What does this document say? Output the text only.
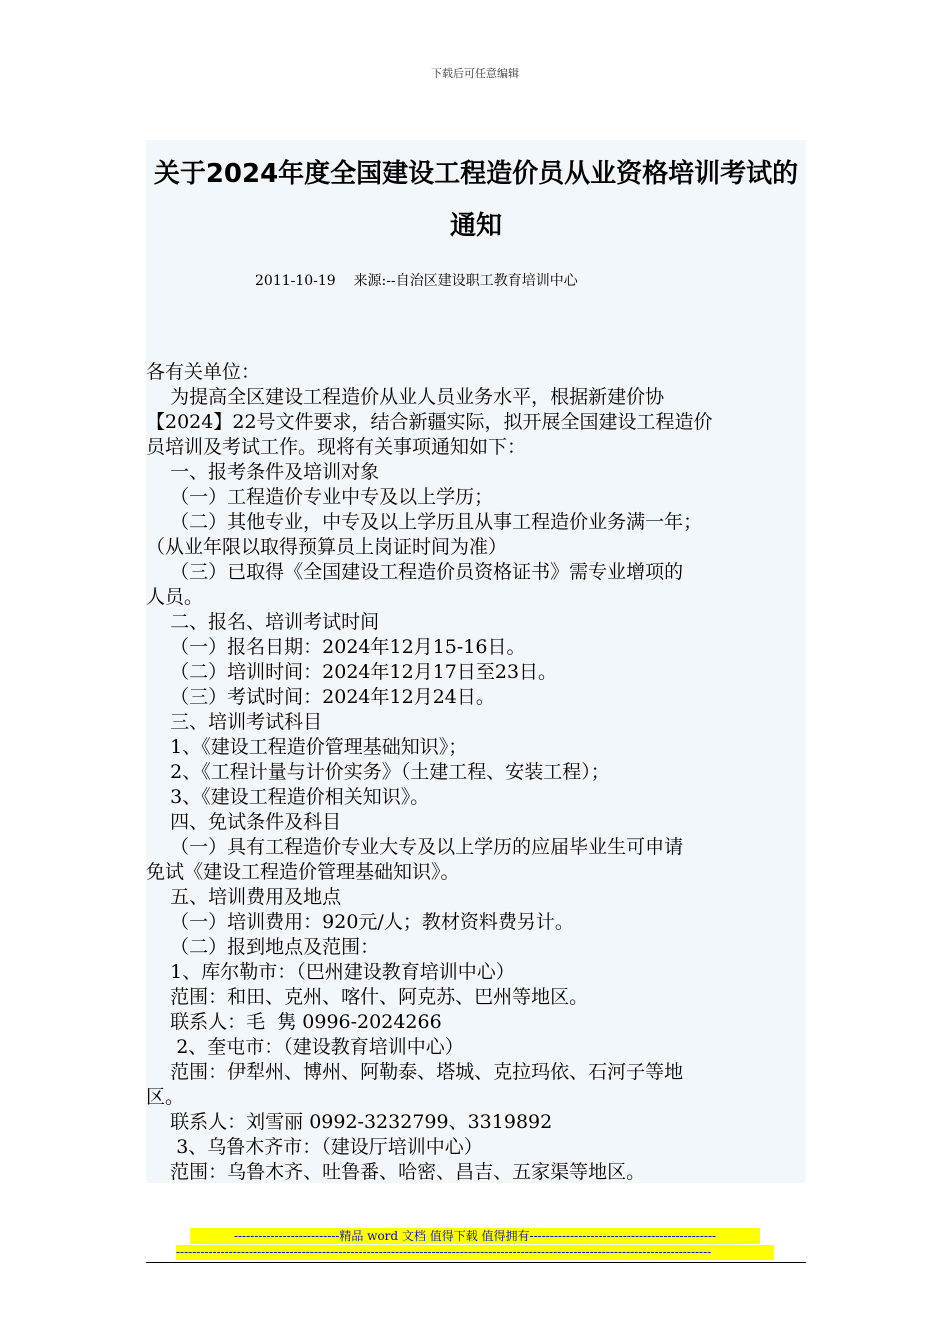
下载后可任意编辑
关于2024年度全国建设工程造价员从业资格培训考试的通知
2011-10-19    来源:--自治区建设职工教育培训中心
各有关单位：
为提高全区建设工程造价从业人员业务水平，根据新建价协
【2024】22号文件要求，结合新疆实际，拟开展全国建设工程造价
员培训及考试工作。现将有关事项通知如下：
一、报考条件及培训对象
（一）工程造价专业中专及以上学历；
（二）其他专业，中专及以上学历且从事工程造价业务满一年；
（从业年限以取得预算员上岗证时间为准）
（三）已取得《全国建设工程造价员资格证书》需专业增项的
人员。
二、报名、培训考试时间
（一）报名日期：2024年12月15-16日。
（二）培训时间：2024年12月17日至23日。
（三）考试时间：2024年12月24日。
三、培训考试科目
1、《建设工程造价管理基础知识》；
2、《工程计量与计价实务》（土建工程、安装工程）；
3、《建设工程造价相关知识》。
四、免试条件及科目
（一）具有工程造价专业大专及以上学历的应届毕业生可申请
免试《建设工程造价管理基础知识》。
五、培训费用及地点
（一）培训费用：920元/人；教材资料费另计。
（二）报到地点及范围：
1、库尔勒市：（巴州建设教育培训中心）
范围：和田、克州、喀什、阿克苏、巴州等地区。
联系人：毛  隽 0996-2024266
2、奎屯市：（建设教育培训中心）
范围：伊犁州、博州、阿勒泰、塔城、克拉玛依、石河子等地
区。
联系人：刘雪丽 0992-3232799、3319892
3、乌鲁木齐市：（建设厅培训中心）
范围：乌鲁木齐、吐鲁番、哈密、昌吉、五家渠等地区。
--------------------------精品 word 文档 值得下载 值得拥有----------------------------------------------
------------------------------------------------------------------------------------------------------------------------------------
